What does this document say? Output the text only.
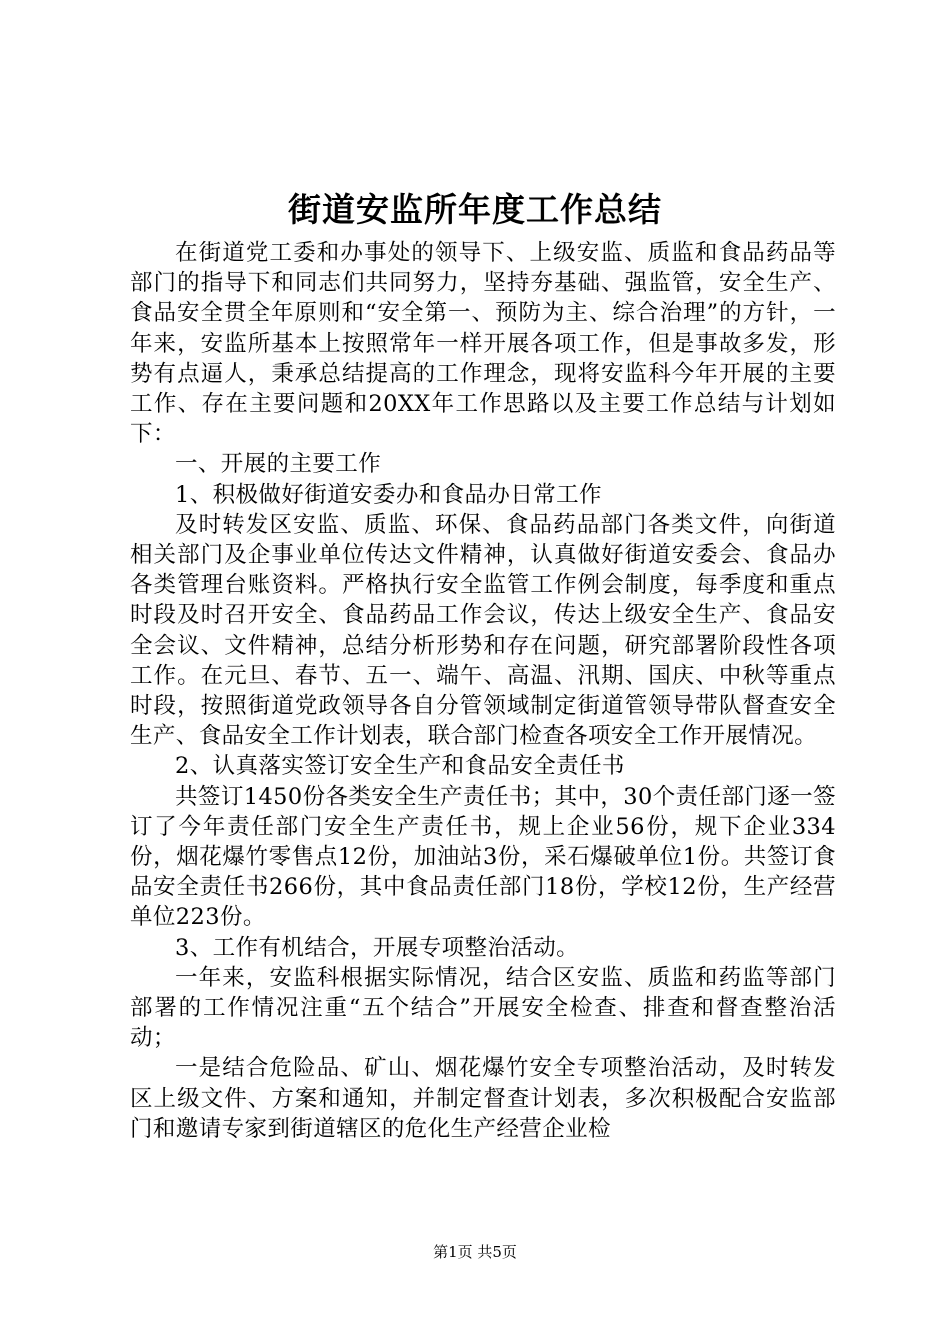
街道安监所年度工作总结

在街道党工委和办事处的领导下、上级安监、质监和食品药品等部门的指导下和同志们共同努力，坚持夯基础、强监管，安全生产、食品安全贯全年原则和“安全第一、预防为主、综合治理”的方针，一年来，安监所基本上按照常年一样开展各项工作，但是事故多发，形势有点逼人，秉承总结提高的工作理念，现将安监科今年开展的主要工作、存在主要问题和20XX年工作思路以及主要工作总结与计划如下：

一、开展的主要工作

1、积极做好街道安委办和食品办日常工作

及时转发区安监、质监、环保、食品药品部门各类文件，向街道相关部门及企事业单位传达文件精神，认真做好街道安委会、食品办各类管理台账资料。严格执行安全监管工作例会制度，每季度和重点时段及时召开安全、食品药品工作会议，传达上级安全生产、食品安全会议、文件精神，总结分析形势和存在问题，研究部署阶段性各项工作。在元旦、春节、五一、端午、高温、汛期、国庆、中秋等重点时段，按照街道党政领导各自分管领域制定街道管领导带队督查安全生产、食品安全工作计划表，联合部门检查各项安全工作开展情况。

2、认真落实签订安全生产和食品安全责任书

共签订1450份各类安全生产责任书；其中，30个责任部门逐一签订了今年责任部门安全生产责任书，规上企业56份，规下企业334份，烟花爆竹零售点12份，加油站3份，采石爆破单位1份。共签订食品安全责任书266份，其中食品责任部门18份，学校12份，生产经营单位223份。

3、工作有机结合，开展专项整治活动。

一年来，安监科根据实际情况，结合区安监、质监和药监等部门部署的工作情况注重“五个结合”开展安全检查、排查和督查整治活动；

一是结合危险品、矿山、烟花爆竹安全专项整治活动，及时转发区上级文件、方案和通知，并制定督查计划表，多次积极配合安监部门和邀请专家到街道辖区的危化生产经营企业检

第1页 共5页
